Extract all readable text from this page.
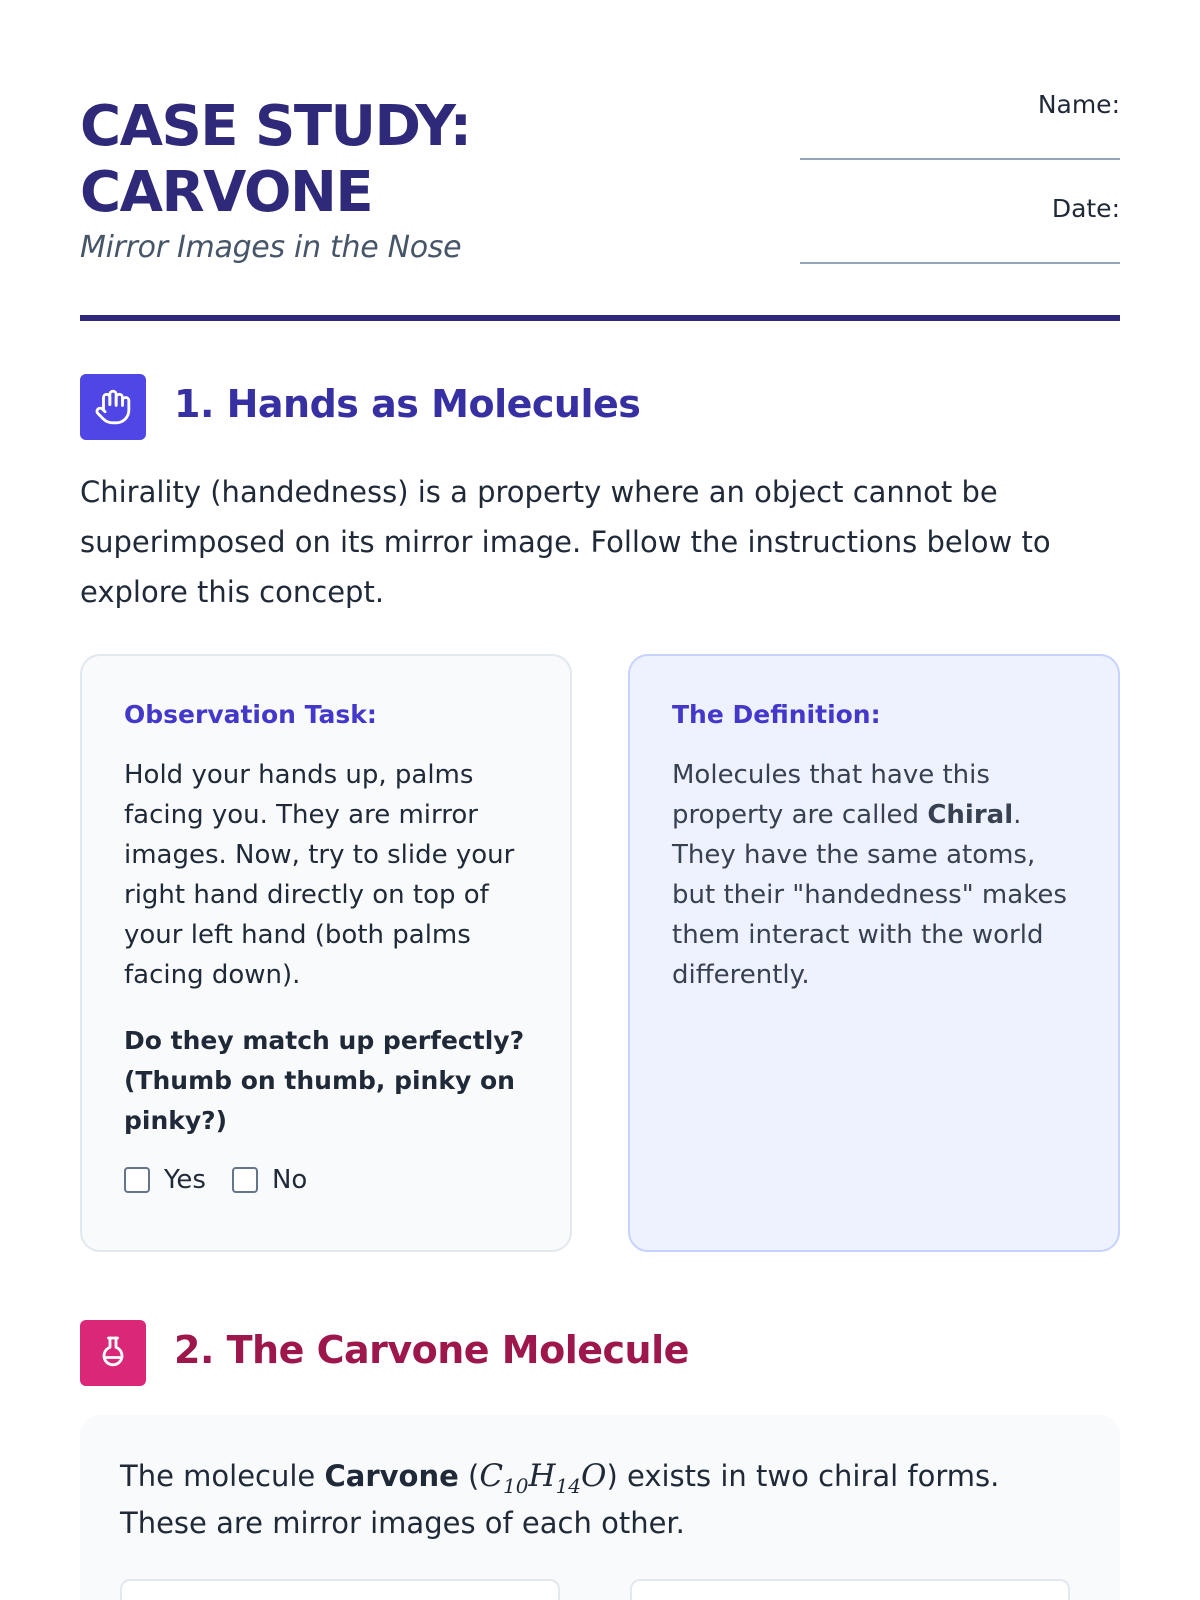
CASE STUDY:
CARVONE
Mirror Images in the Nose
Name:
Date:
1. Hands as Molecules
Chirality (handedness) is a property where an object cannot be superimposed on its mirror image. Follow the instructions below to explore this concept.
Observation Task:
Hold your hands up, palms facing you. They are mirror images. Now, try to slide your right hand directly on top of your left hand (both palms facing down).
Do they match up perfectly? (Thumb on thumb, pinky on pinky?)
Yes	No
The Definition:
Molecules that have this property are called Chiral. They have the same atoms, but their "handedness" makes them interact with the world differently.
2. The Carvone Molecule
The molecule Carvone $(C_{10}H_{14}O)$ exists in two chiral forms. These are mirror images of each other.
